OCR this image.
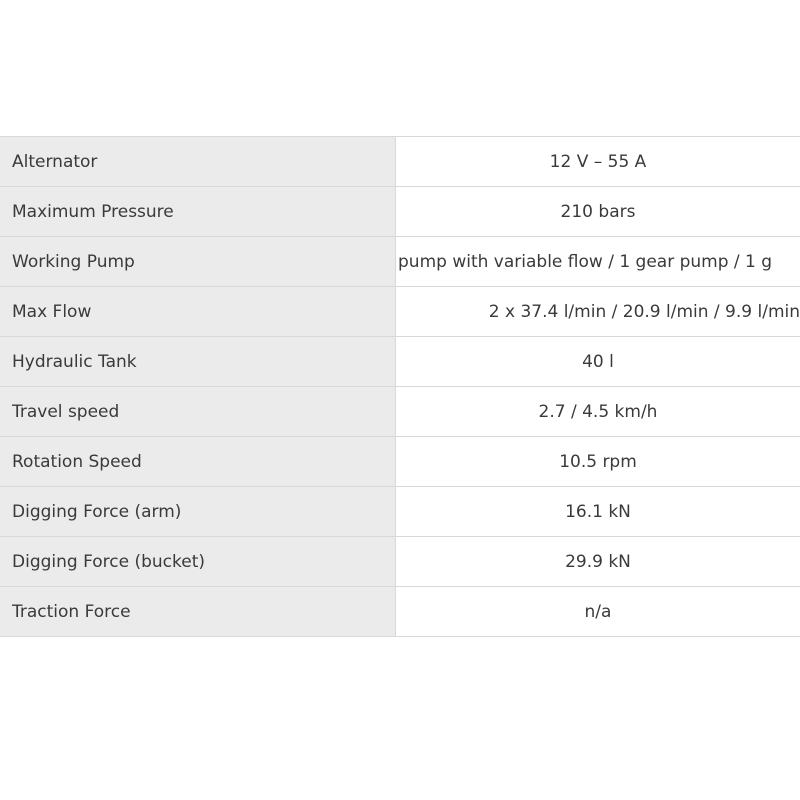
Alternator	12 V – 55 A
Maximum Pressure	210 bars
Working Pump	pump with variable flow / 1 gear pump / 1 g
Max Flow	2 x 37.4 l/min / 20.9 l/min / 9.9 l/min
Hydraulic Tank	40 l
Travel speed	2.7 / 4.5 km/h
Rotation Speed	10.5 rpm
Digging Force (arm)	16.1 kN
Digging Force (bucket)	29.9 kN
Traction Force	n/a
